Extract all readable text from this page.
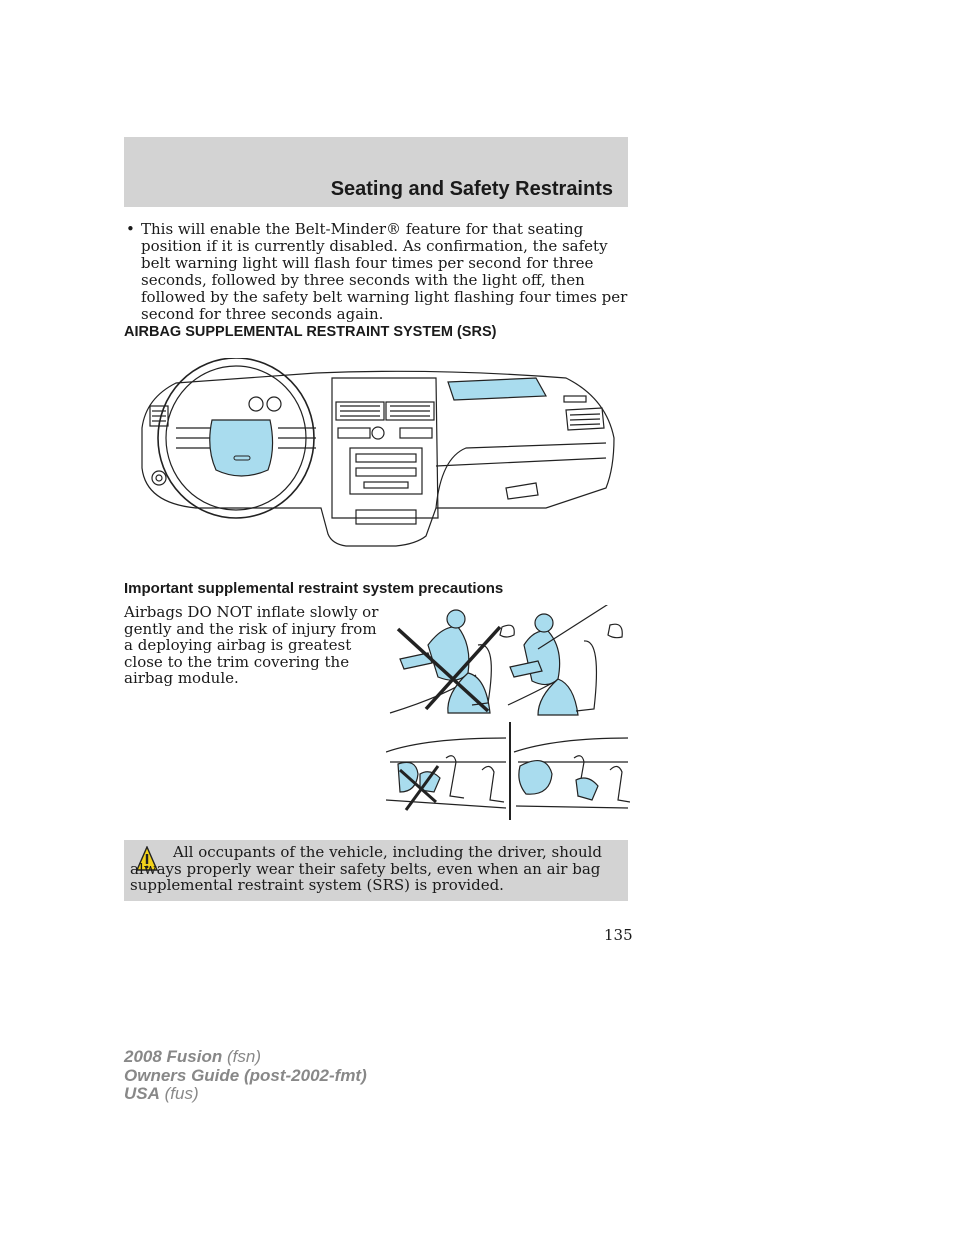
Seating and Safety Restraints
• This will enable the Belt-Minder® feature for that seating position if it is currently disabled. As confirmation, the safety belt warning light will flash four times per second for three seconds, followed by three seconds with the light off, then followed by the safety belt warning light flashing four times per second for three seconds again.
AIRBAG SUPPLEMENTAL RESTRAINT SYSTEM (SRS)
Important supplemental restraint system precautions
Airbags DO NOT inflate slowly or gently and the risk of injury from a deploying airbag is greatest close to the trim covering the airbag module.

All occupants of the vehicle, including the driver, should always properly wear their safety belts, even when an air bag supplemental restraint system (SRS) is provided.

135
2008 Fusion (fsn)
Owners Guide (post-2002-fmt)
USA (fus)
